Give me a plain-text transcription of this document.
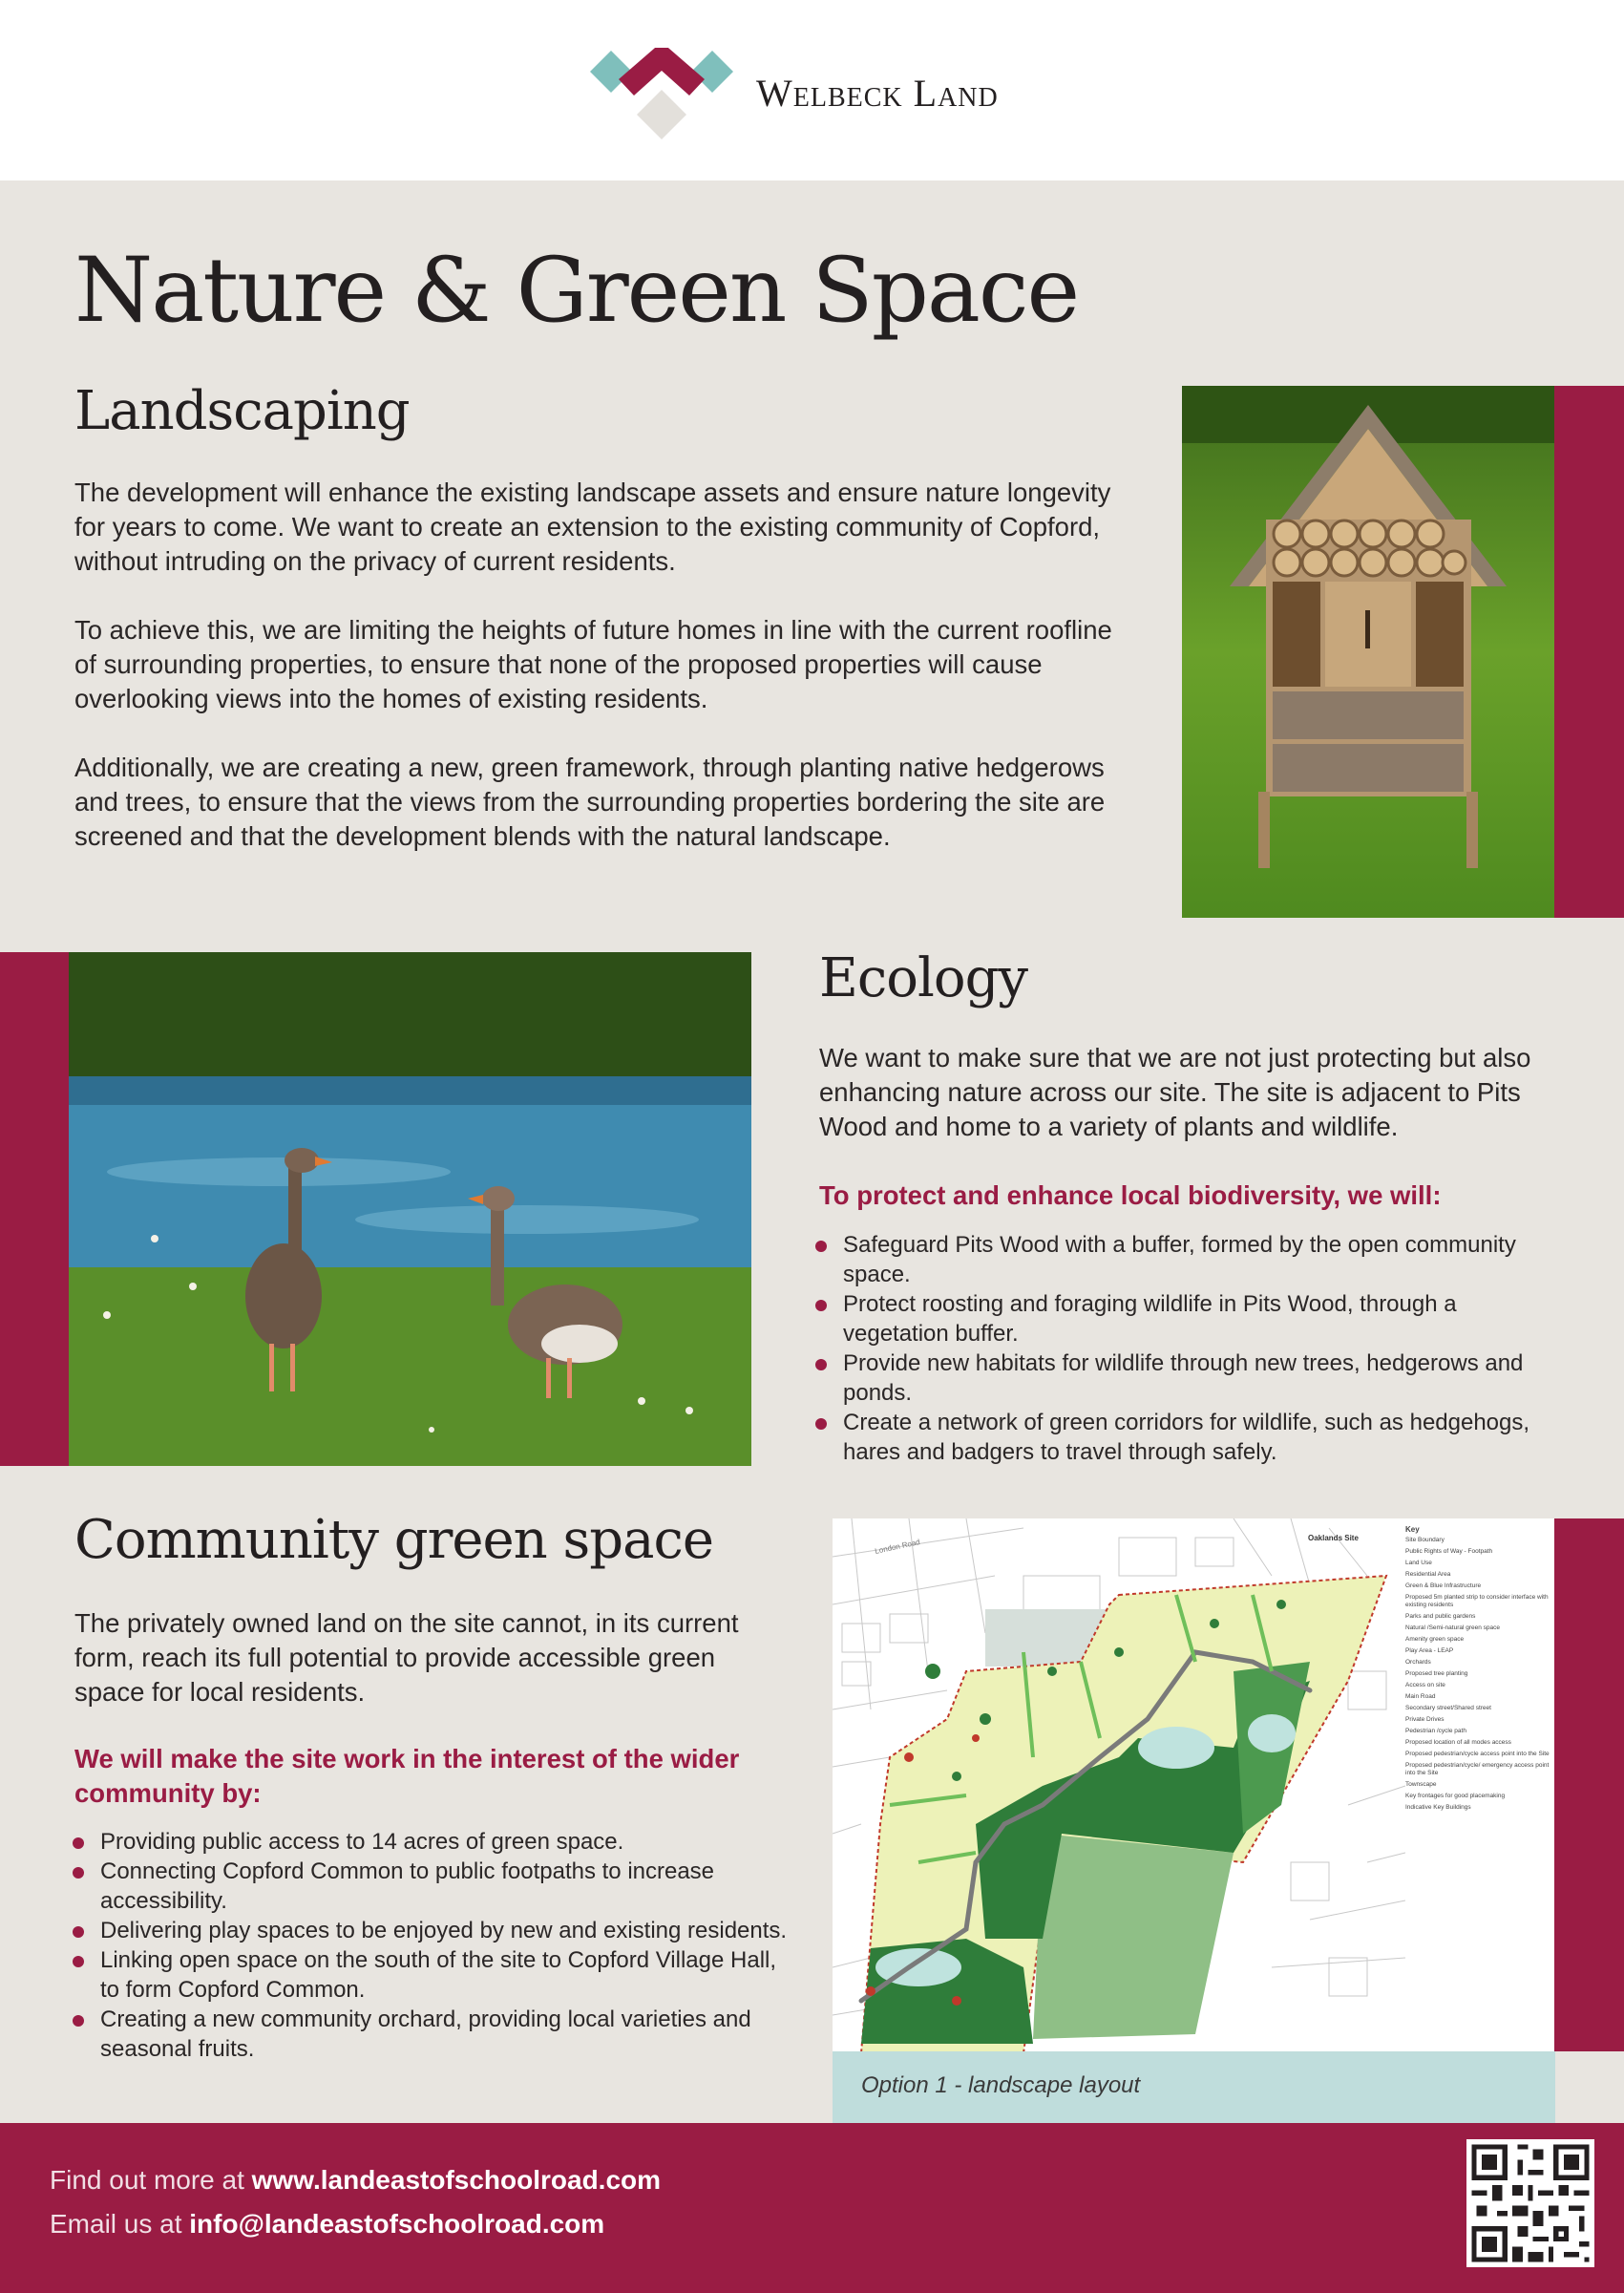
Welbeck Land
Nature & Green Space
Landscaping

The development will enhance the existing landscape assets and ensure nature longevity for years to come. We want to create an extension to the existing community of Copford, without intruding on the privacy of current residents.

To achieve this, we are limiting the heights of future homes in line with the current roofline of surrounding properties, to ensure that none of the proposed properties will cause overlooking views into the homes of existing residents.

Additionally, we are creating a new, green framework, through planting native hedgerows and trees, to ensure that the views from the surrounding properties bordering the site are screened and that the development blends with the natural landscape.

Ecology

We want to make sure that we are not just protecting but also enhancing nature across our site. The site is adjacent to Pits Wood and home to a variety of plants and wildlife.

To protect and enhance local biodiversity, we will:

Safeguard Pits Wood with a buffer, formed by the open community space.
Protect roosting and foraging wildlife in Pits Wood, through a vegetation buffer.
Provide new habitats for wildlife through new trees, hedgerows and ponds.
Create a network of green corridors for wildlife, such as hedgehogs, hares and badgers to travel through safely.
Community green space

The privately owned land on the site cannot, in its current form, reach its full potential to provide accessible green space for local residents.

We will make the site work in the interest of the wider community by:

Providing public access to 14 acres of green space.
Connecting Copford Common to public footpaths to increase accessibility.
Delivering play spaces to be enjoyed by new and existing residents.
Linking open space on the south of the site to Copford Village Hall, to form Copford Common.
Creating a new community orchard, providing local varieties and seasonal fruits.
London Road	Oaklands Site
Key
Site Boundary
Public Rights of Way - Footpath
Land Use
Residential Area
Green & Blue Infrastructure
Proposed 5m planted strip to consider interface with existing residents
Parks and public gardens
Natural /Semi-natural green space
Amenity green space
Play Area - LEAP
Orchards
Proposed tree planting
Access on site
Main Road
Secondary street/Shared street
Private Drives
Pedestrian /cycle path
Proposed location of all modes access
Proposed pedestrian/cycle access point into the Site
Proposed pedestrian/cycle/ emergency access point into the Site
Townscape
Key frontages for good placemaking
Indicative Key Buildings
Option 1 - landscape layout
Find out more at www.landeastofschoolroad.com
Email us at info@landeastofschoolroad.com
